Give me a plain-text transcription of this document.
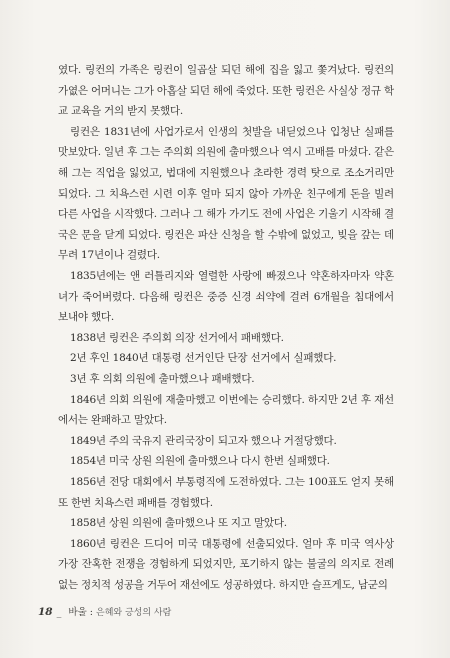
였다. 링컨의 가족은 링컨이 일곱살 되던 해에 집을 잃고 쫓겨났다. 링컨의 가엾은 어머니는 그가 아홉살 되던 해에 죽었다. 또한 링컨은 사실상 정규 학교 교육을 거의 받지 못했다.

링컨은 1831년에 사업가로서 인생의 첫발을 내딛었으나 입청난 실패를 맛보았다. 일년 후 그는 주의회 의원에 출마했으나 역시 고배를 마셨다. 같은 해 그는 직업을 잃었고, 법대에 지원했으나 초라한 경력 탓으로 조소거리만 되었다. 그 치욕스런 시련 이후 얼마 되지 않아 가까운 친구에게 돈을 빌려 다른 사업을 시작했다. 그러나 그 해가 가기도 전에 사업은 기울기 시작해 결국은 문을 닫게 되었다. 링컨은 파산 신청을 할 수밖에 없었고, 빚을 갚는 데 무려 17년이나 걸렸다.

1835년에는 앤 러틀리지와 열렬한 사랑에 빠졌으나 약혼하자마자 약혼녀가 죽어버렸다. 다음해 링컨은 중증 신경 쇠약에 걸려 6개월을 침대에서 보내야 했다.

1838년 링컨은 주의회 의장 선거에서 패배했다.

2년 후인 1840년 대통령 선거인단 단장 선거에서 실패했다.

3년 후 의회 의원에 출마했으나 패배했다.

1846년 의회 의원에 재출마했고 이번에는 승리했다. 하지만 2년 후 재선에서는 완패하고 말았다.

1849년 주의 국유지 관리국장이 되고자 했으나 거절당했다.

1854년 미국 상원 의원에 출마했으나 다시 한번 실패했다.

1856년 전당 대회에서 부통령직에 도전하였다. 그는 100표도 얻지 못해 또 한번 치욕스런 패배를 경험했다.

1858년 상원 의원에 출마했으나 또 지고 말았다.

1860년 링컨은 드디어 미국 대통령에 선출되었다. 얼마 후 미국 역사상 가장 잔혹한 전쟁을 경험하게 되었지만, 포기하지 않는 불굴의 의지로 전례 없는 정치적 성공을 거두어 재선에도 성공하였다. 하지만 슬프게도, 남군의

18 _ 바울 : 은혜와 긍성의 사람
